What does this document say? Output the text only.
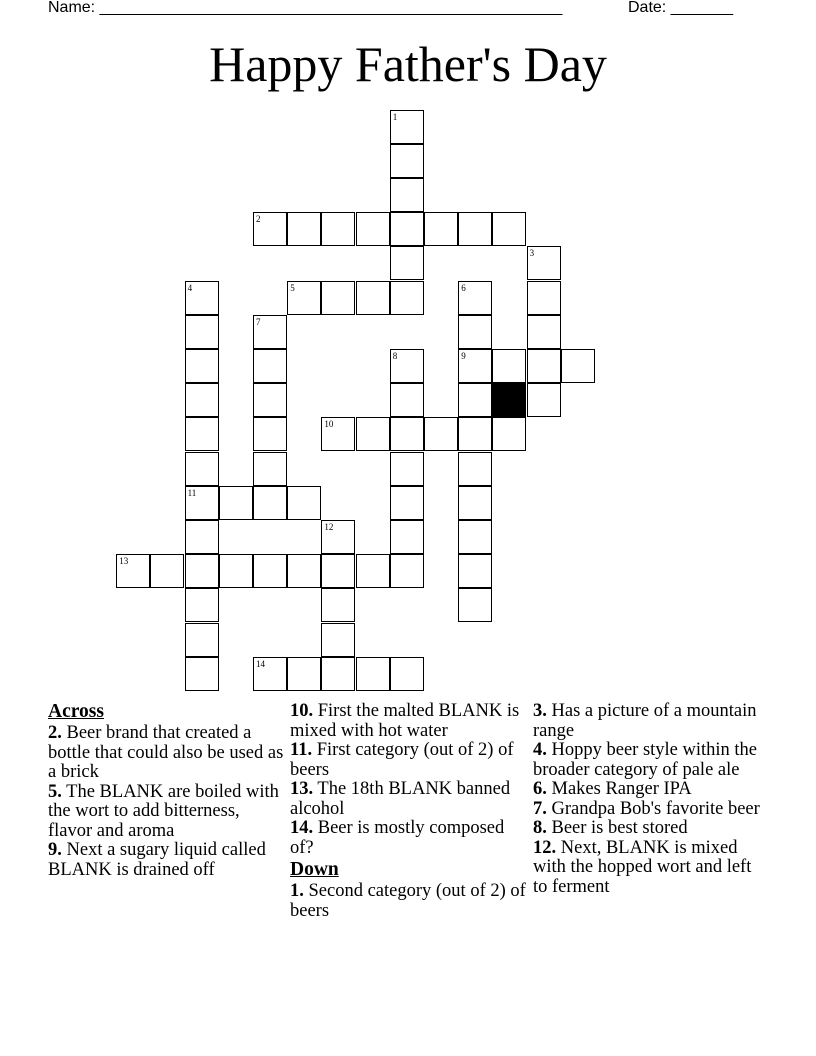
Name: ____________________________________________________	Date: _______
Happy Father's Day
1
2
3
4	5	6
7
8	9
10
11
12
13
14

Across

2. Beer brand that created a bottle that could also be used as a brick

5. The BLANK are boiled with the wort to add bitterness, flavor and aroma

9. Next a sugary liquid called BLANK is drained off

10. First the malted BLANK is mixed with hot water

11. First category (out of 2) of beers

13. The 18th BLANK banned alcohol

14. Beer is mostly composed of?

Down

1. Second category (out of 2) of beers

3. Has a picture of a mountain range

4. Hoppy beer style within the broader category of pale ale

6. Makes Ranger IPA

7. Grandpa Bob's favorite beer

8. Beer is best stored

12. Next, BLANK is mixed with the hopped wort and left to ferment
